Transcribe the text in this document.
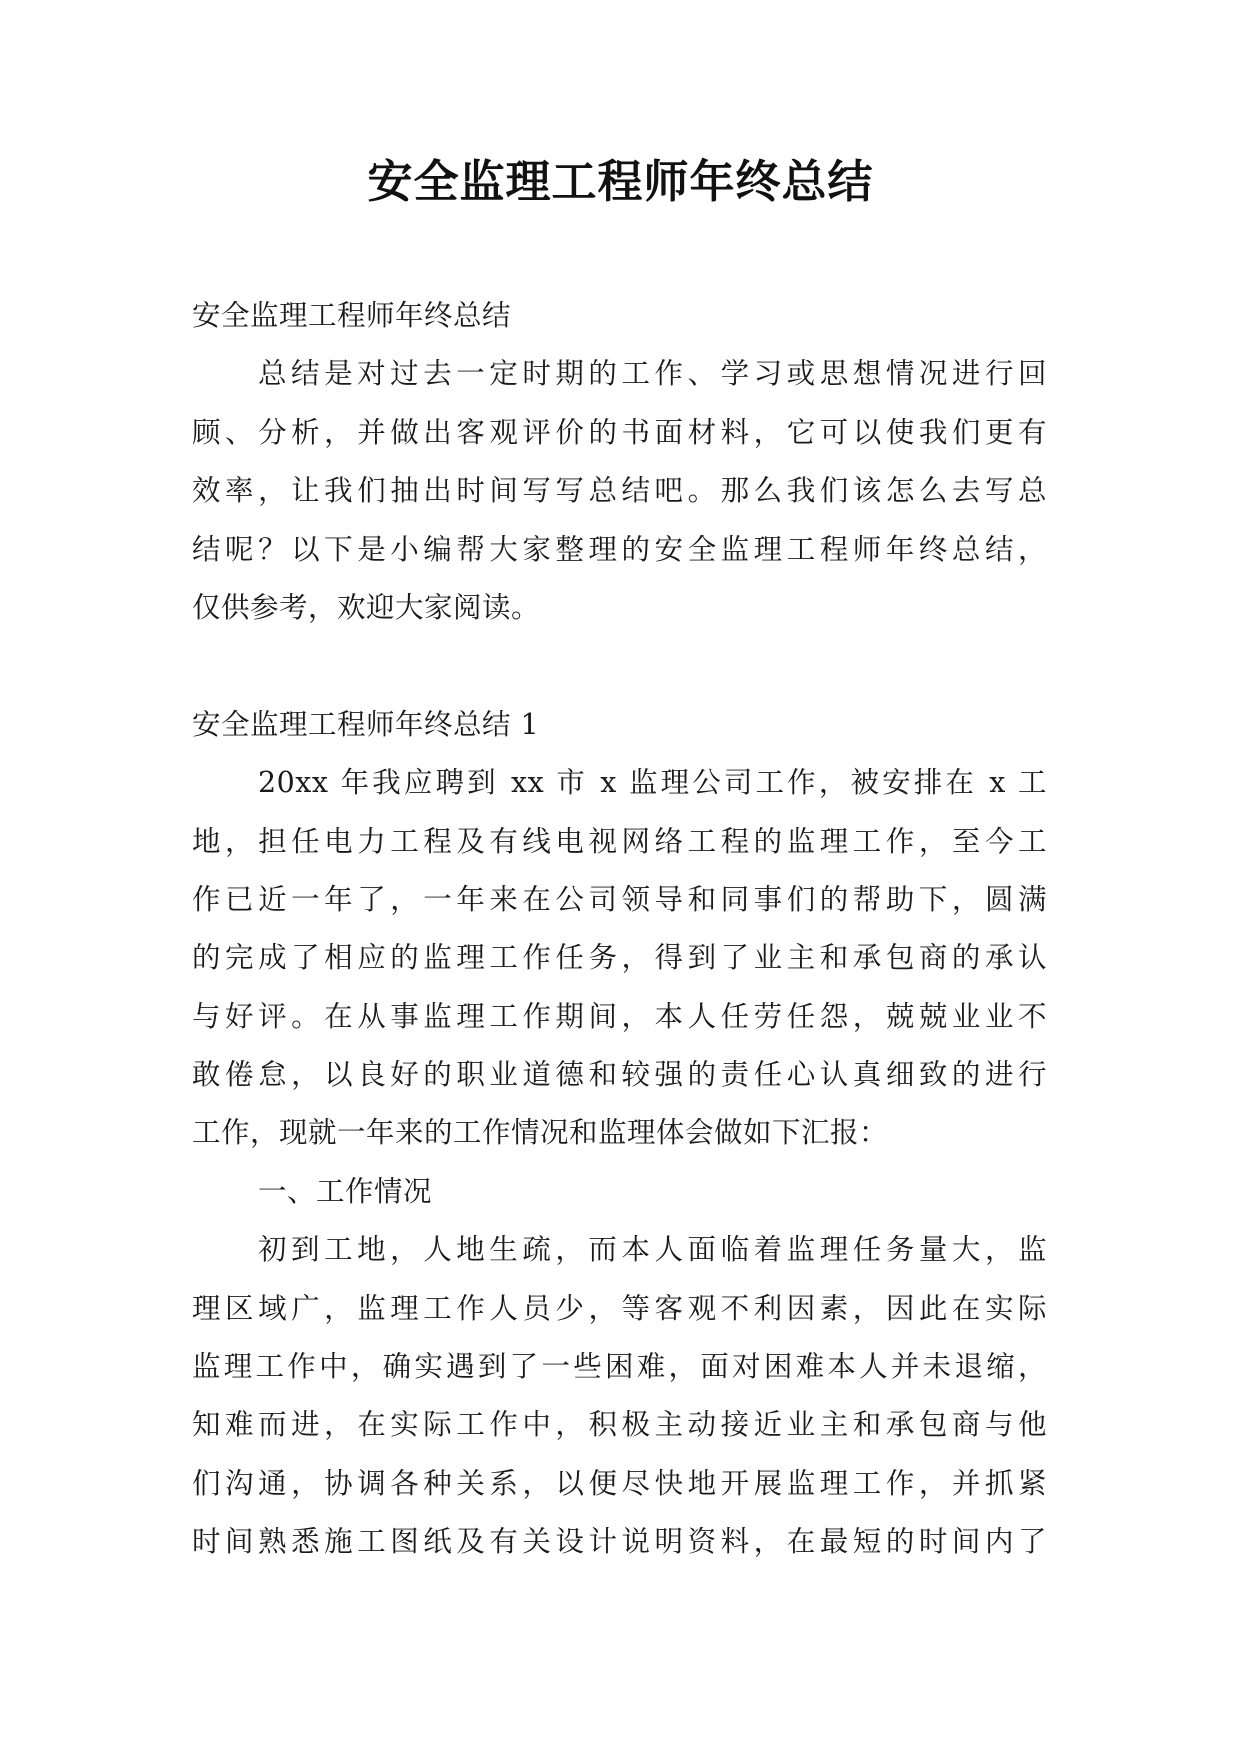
安全监理工程师年终总结
安全监理工程师年终总结
总结是对过去一定时期的工作、学习或思想情况进行回
顾、分析，并做出客观评价的书面材料，它可以使我们更有
效率，让我们抽出时间写写总结吧。那么我们该怎么去写总
结呢？以下是小编帮大家整理的安全监理工程师年终总结，
仅供参考，欢迎大家阅读。
安全监理工程师年终总结 1
20xx 年我应聘到 xx 市 x 监理公司工作，被安排在 x 工
地，担任电力工程及有线电视网络工程的监理工作，至今工
作已近一年了，一年来在公司领导和同事们的帮助下，圆满
的完成了相应的监理工作任务，得到了业主和承包商的承认
与好评。在从事监理工作期间，本人任劳任怨，兢兢业业不
敢倦怠，以良好的职业道德和较强的责任心认真细致的进行
工作，现就一年来的工作情况和监理体会做如下汇报：
一、工作情况
初到工地，人地生疏，而本人面临着监理任务量大，监
理区域广，监理工作人员少，等客观不利因素，因此在实际
监理工作中，确实遇到了一些困难，面对困难本人并未退缩，
知难而进，在实际工作中，积极主动接近业主和承包商与他
们沟通，协调各种关系，以便尽快地开展监理工作，并抓紧
时间熟悉施工图纸及有关设计说明资料，在最短的时间内了
